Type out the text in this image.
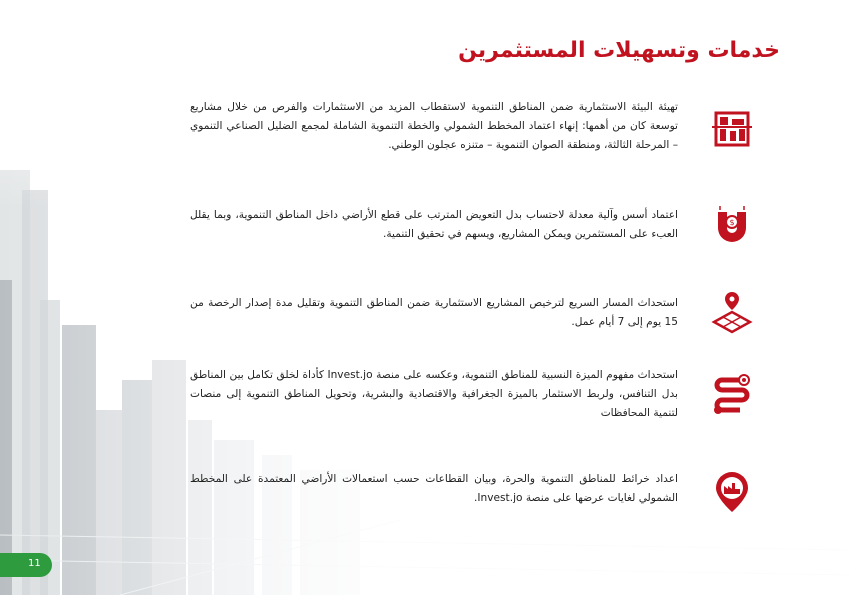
خدمات وتسهيلات المستثمرين

تهيئة البيئة الاستثمارية ضمن المناطق التنموية لاستقطاب المزيد من الاستثمارات والفرص من خلال مشاريع توسعة كان من أهمها: إنهاء اعتماد المخطط الشمولي والخطة التنموية الشاملة لمجمع الضليل الصناعي التنموي – المرحلة الثالثة، ومنطقة الصوان التنموية – متنزه عجلون الوطني.

اعتماد أسس وآلية معدلة لاحتساب بدل التعويض المترتب على قطع الأراضي داخل المناطق التنموية، وبما يقلل العبء على المستثمرين ويمكن المشاريع، ويسهم في تحقيق التنمية.

$

استحداث المسار السريع لترخيص المشاريع الاستثمارية ضمن المناطق التنموية وتقليل مدة إصدار الرخصة من 15 يوم إلى 7 أيام عمل.

استحداث مفهوم الميزة النسبية للمناطق التنموية، وعكسه على منصة Invest.jo كأداة لخلق تكامل بين المناطق بدل التنافس، ولربط الاستثمار بالميزة الجغرافية والاقتصادية والبشرية، وتحويل المناطق التنموية إلى منصات لتنمية المحافظات

اعداد خرائط للمناطق التنموية والحرة، وبيان القطاعات حسب استعمالات الأراضي المعتمدة على المخطط الشمولي لغايات عرضها على منصة Invest.jo.

11
